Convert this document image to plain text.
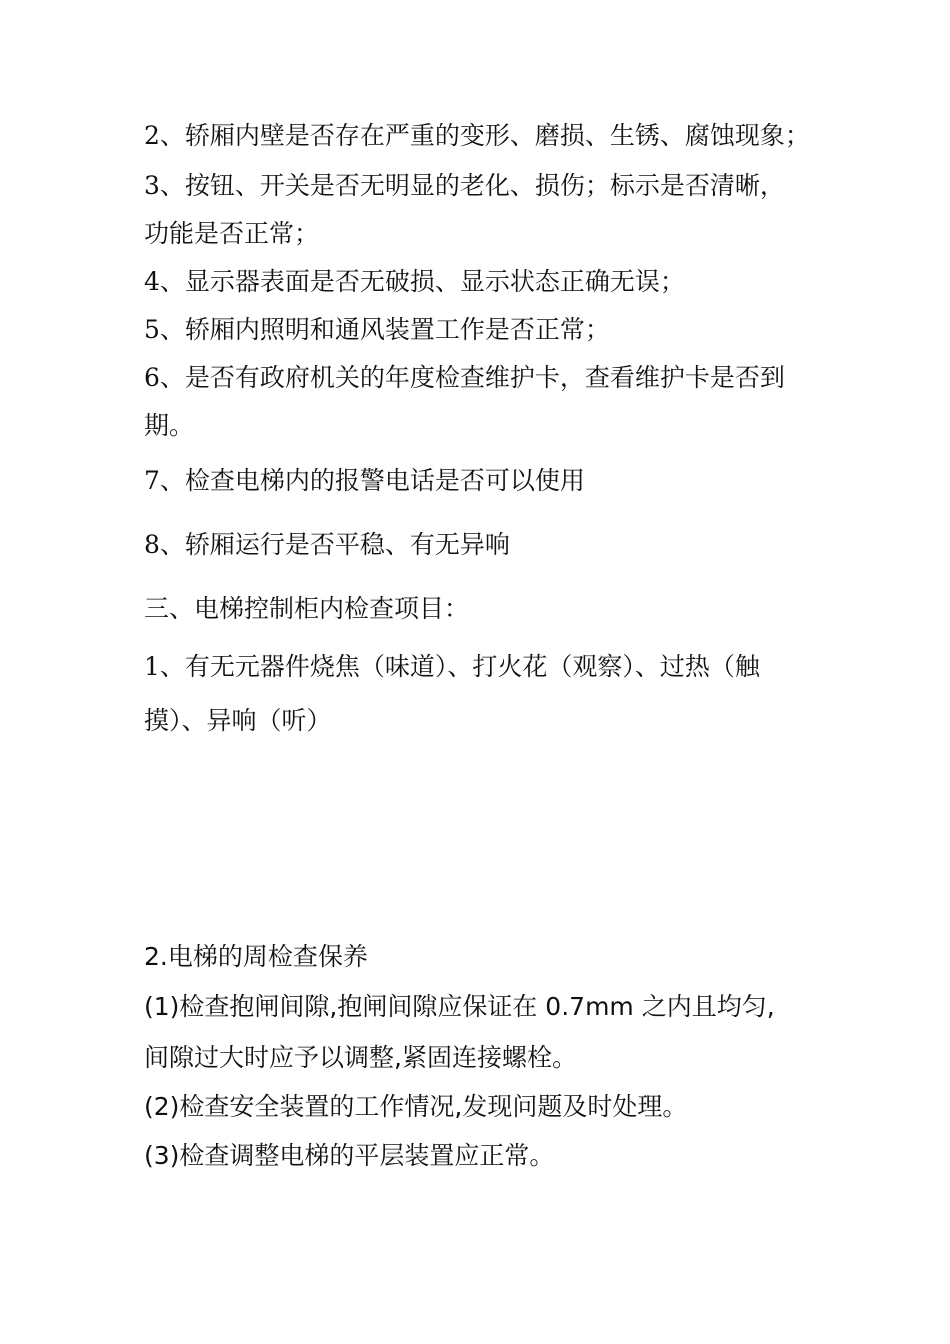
2、轿厢内壁是否存在严重的变形、磨损、生锈、腐蚀现象；
3、按钮、开关是否无明显的老化、损伤；标示是否清晰，
功能是否正常；
4、显示器表面是否无破损、显示状态正确无误；
5、轿厢内照明和通风装置工作是否正常；
6、是否有政府机关的年度检查维护卡，查看维护卡是否到
期。
7、检查电梯内的报警电话是否可以使用
8、轿厢运行是否平稳、有无异响
三、电梯控制柜内检查项目：
1、有无元器件烧焦（味道）、打火花（观察）、过热（触
摸）、异响（听）
2.电梯的周检查保养
(1)检查抱闸间隙,抱闸间隙应保证在 0.7mm 之内且均匀,
间隙过大时应予以调整,紧固连接螺栓。
(2)检查安全装置的工作情况,发现问题及时处理。
(3)检查调整电梯的平层装置应正常。
